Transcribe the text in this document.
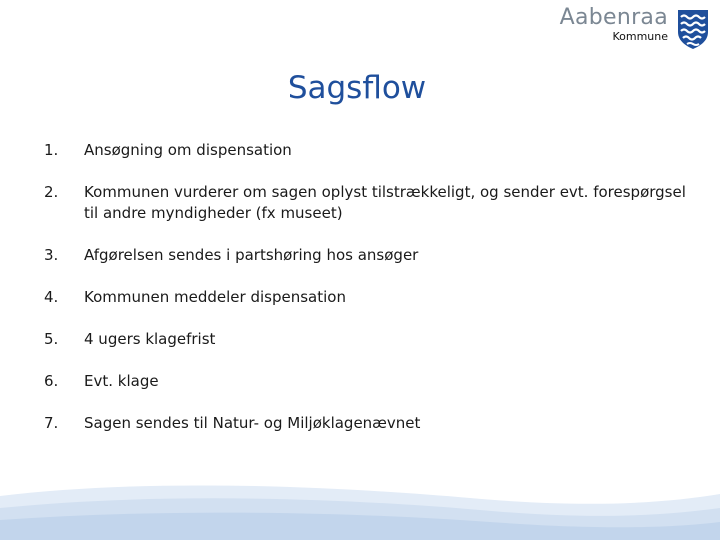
Aabenraa
Kommune
Sagsflow
1.	Ansøgning om dispensation
2.	Kommunen vurderer om sagen oplyst tilstrækkeligt, og sender evt. forespørgsel til andre myndigheder (fx museet)
3.	Afgørelsen sendes i partshøring hos ansøger
4.	Kommunen meddeler dispensation
5.	4 ugers klagefrist
6.	Evt. klage
7.	Sagen sendes til Natur- og Miljøklagenævnet
